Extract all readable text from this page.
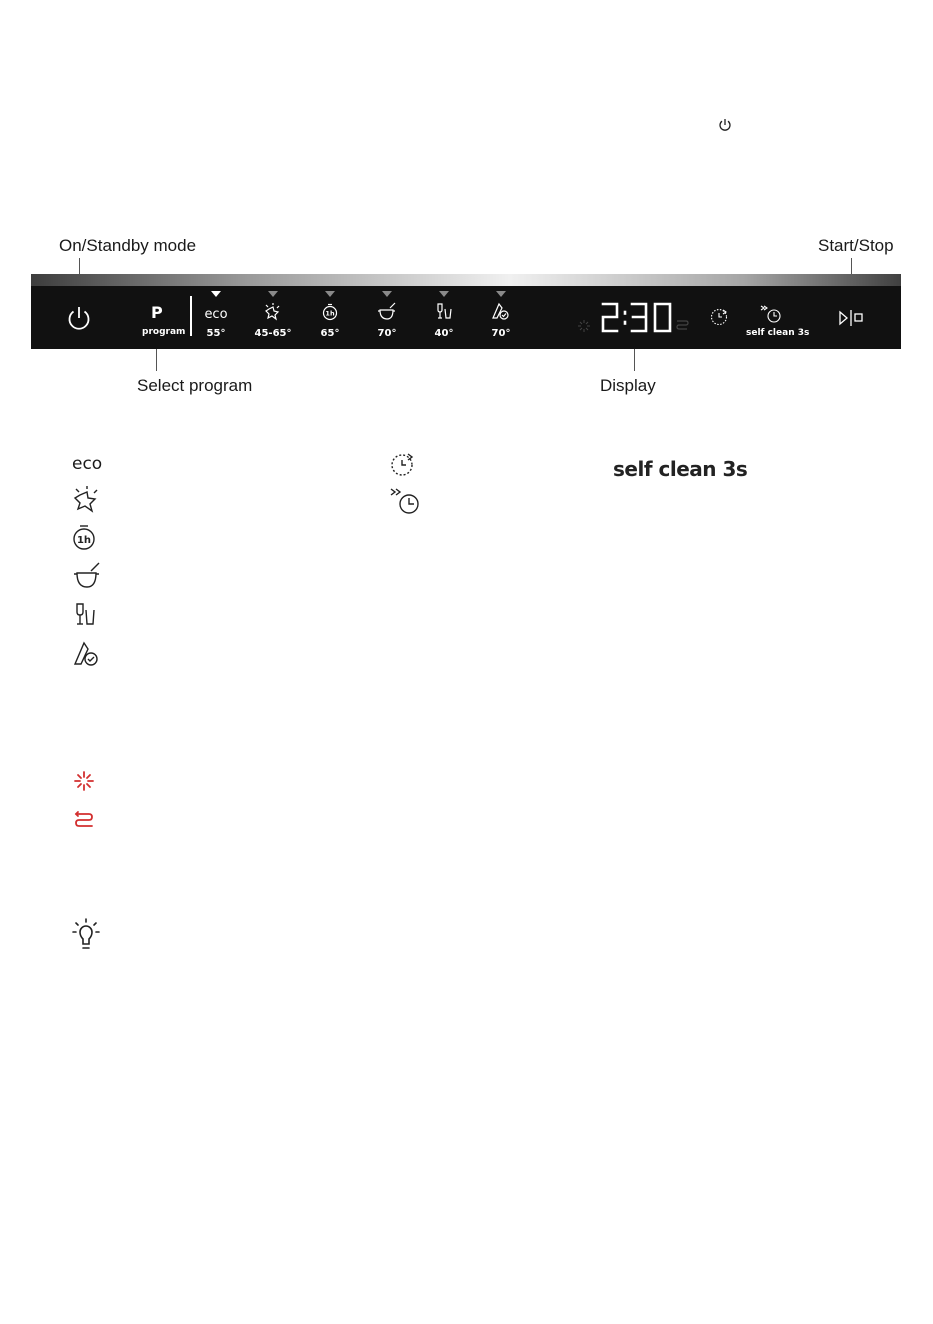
On/Standby mode	Start/Stop
Select program	Display
P
program
eco
55°	45-65°
1h
65°	70°	40°	70°	self clean 3s
eco
1h
self clean 3s
